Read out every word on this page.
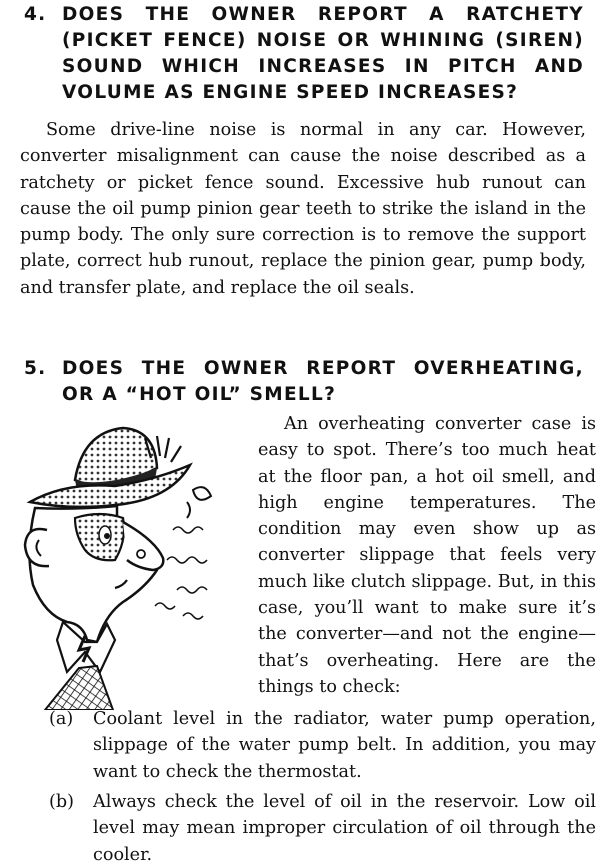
4. DOES THE OWNER REPORT A RATCHETY (PICKET FENCE) NOISE OR WHINING (SIREN) SOUND WHICH INCREASES IN PITCH AND VOLUME AS ENGINE SPEED INCREASES?

Some drive-line noise is normal in any car. However, converter misalignment can cause the noise described as a ratchety or picket fence sound. Excessive hub runout can cause the oil pump pinion gear teeth to strike the island in the pump body. The only sure correction is to remove the support plate, correct hub runout, replace the pinion gear, pump body, and transfer plate, and replace the oil seals.

5. DOES THE OWNER REPORT OVERHEATING, OR A “HOT OIL” SMELL?

An overheating converter case is easy to spot. There’s too much heat at the floor pan, a hot oil smell, and high engine temperatures. The condition may even show up as converter slippage that feels very much like clutch slippage. But, in this case, you’ll want to make sure it’s the converter—and not the engine—that’s overheating. Here are the things to check:

(a) Coolant level in the radiator, water pump operation, slippage of the water pump belt. In addition, you may want to check the thermostat.
(b) Always check the level of oil in the reservoir. Low oil level may mean improper circulation of oil through the cooler.
